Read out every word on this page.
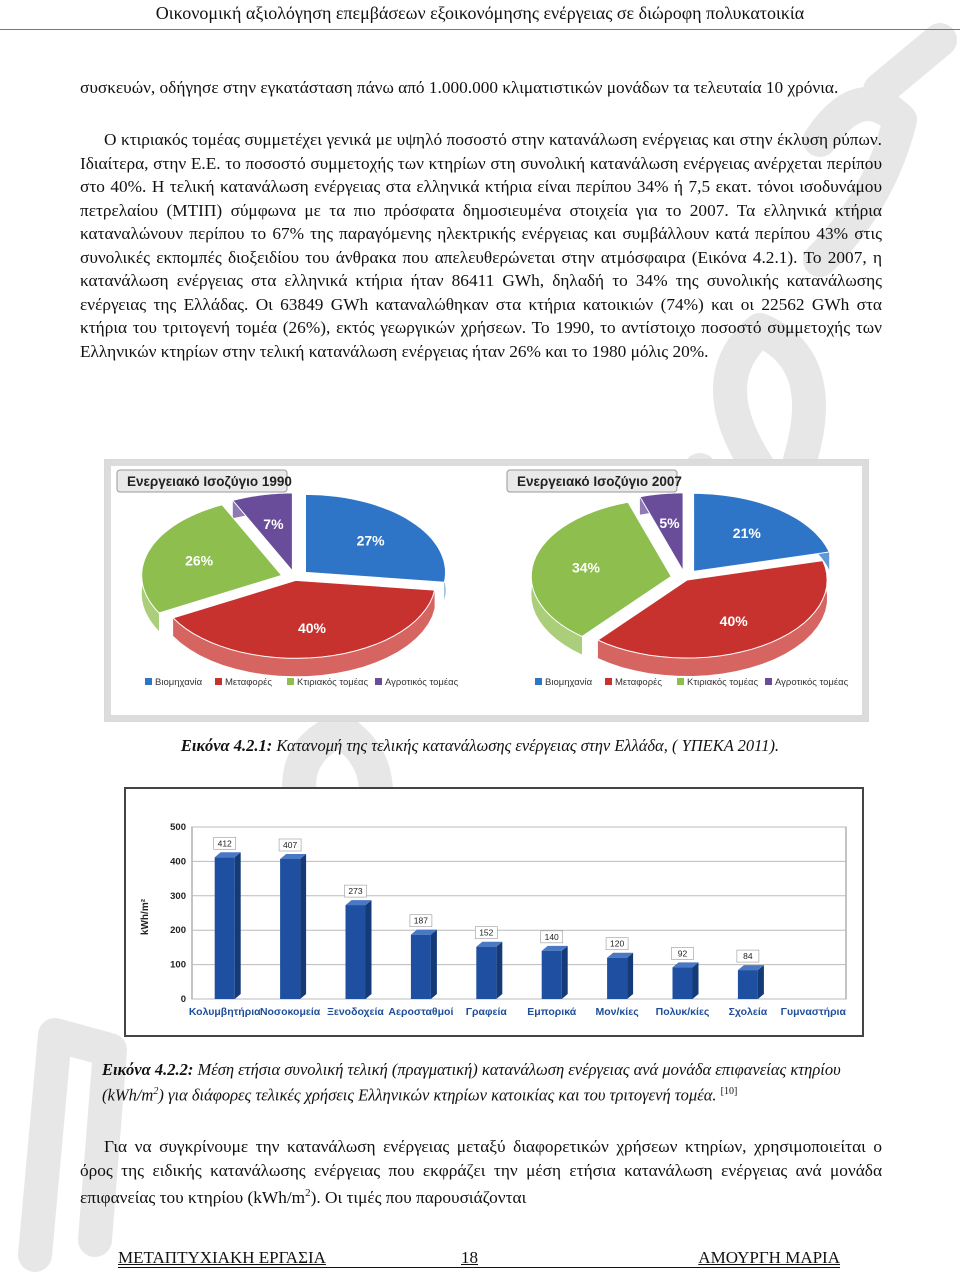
Οικονομική αξιολόγηση επεμβάσεων εξοικονόμησης ενέργειας σε διώροφη πολυκατοικία

συσκευών, οδήγησε στην εγκατάσταση πάνω από 1.000.000 κλιματιστικών μονάδων τα τελευταία 10 χρόνια.

Ο κτιριακός τομέας συμμετέχει γενικά με υψηλό ποσοστό στην κατανάλωση ενέργειας και στην έκλυση ρύπων. Ιδιαίτερα, στην Ε.Ε. το ποσοστό συμμετοχής των κτηρίων στη συνολική κατανάλωση ενέργειας ανέρχεται περίπου στο 40%. Η τελική κατανάλωση ενέργειας στα ελληνικά κτήρια είναι περίπου 34% ή 7,5 εκατ. τόνοι ισοδυνάμου πετρελαίου (ΜΤΙΠ) σύμφωνα με τα πιο πρόσφατα δημοσιευμένα στοιχεία για το 2007. Τα ελληνικά κτήρια καταναλώνουν περίπου το 67% της παραγόμενης ηλεκτρικής ενέργειας και συμβάλλουν κατά περίπου 43% στις συνολικές εκπομπές διοξειδίου του άνθρακα που απελευθερώνεται στην ατμόσφαιρα (Εικόνα 4.2.1). Το 2007, η κατανάλωση ενέργειας στα ελληνικά κτήρια ήταν 86411 GWh, δηλαδή το 34% της συνολικής κατανάλωσης ενέργειας της Ελλάδας. Οι 63849 GWh καταναλώθηκαν στα κτήρια κατοικιών (74%) και οι 22562 GWh στα κτήρια του τριτογενή τομέα (26%), εκτός γεωργικών χρήσεων. Το 1990, το αντίστοιχο ποσοστό συμμετοχής των Ελληνικών κτηρίων στην τελική κατανάλωση ενέργειας ήταν 26% και το 1980 μόλις 20%.

Ενεργειακό Ισοζύγιο 1990
27%
40%
26%
7%
Βιομηχανία Μεταφορές	Κτιριακός τομέας Αγροτικός τομέας
Ενεργειακό Ισοζύγιο 2007
21%
40%
34%
5%
Βιομηχανία Μεταφορές	Κτιριακός τομέας Αγροτικός τομέας
Εικόνα 4.2.1: Κατανομή της τελικής κατανάλωσης ενέργειας στην Ελλάδα, ( ΥΠΕΚΑ 2011).
0
100
200
300
400
500
kWh/m²
Κολυμβητήρια
412
Νοσοκομεία
407
Ξενοδοχεία
273
Αεροσταθμοί
187
Γραφεία
152
Εμπορικά
140
Μον/κίες
120
Πολυκ/κίες
92
Σχολεία
84
Γυμναστήρια
Εικόνα 4.2.2: Μέση ετήσια συνολική τελική (πραγματική) κατανάλωση ενέργειας ανά μονάδα επιφανείας κτηρίου $(kWh/m^2)$ για διάφορες τελικές χρήσεις Ελληνικών κτηρίων κατοικίας και του τριτογενή τομέα. [10]

Για να συγκρίνουμε την κατανάλωση ενέργειας μεταξύ διαφορετικών χρήσεων κτηρίων, χρησιμοποιείται ο όρος της ειδικής κατανάλωσης ενέργειας που εκφράζει την μέση ετήσια κατανάλωση ενέργειας ανά μονάδα επιφανείας του κτηρίου $(kWh/m^2)$. Οι τιμές που παρουσιάζονται

ΜΕΤΑΠΤΥΧΙΑΚΗ ΕΡΓΑΣΙΑ	18	ΑΜΟΥΡΓΗ ΜΑΡΙΑ
